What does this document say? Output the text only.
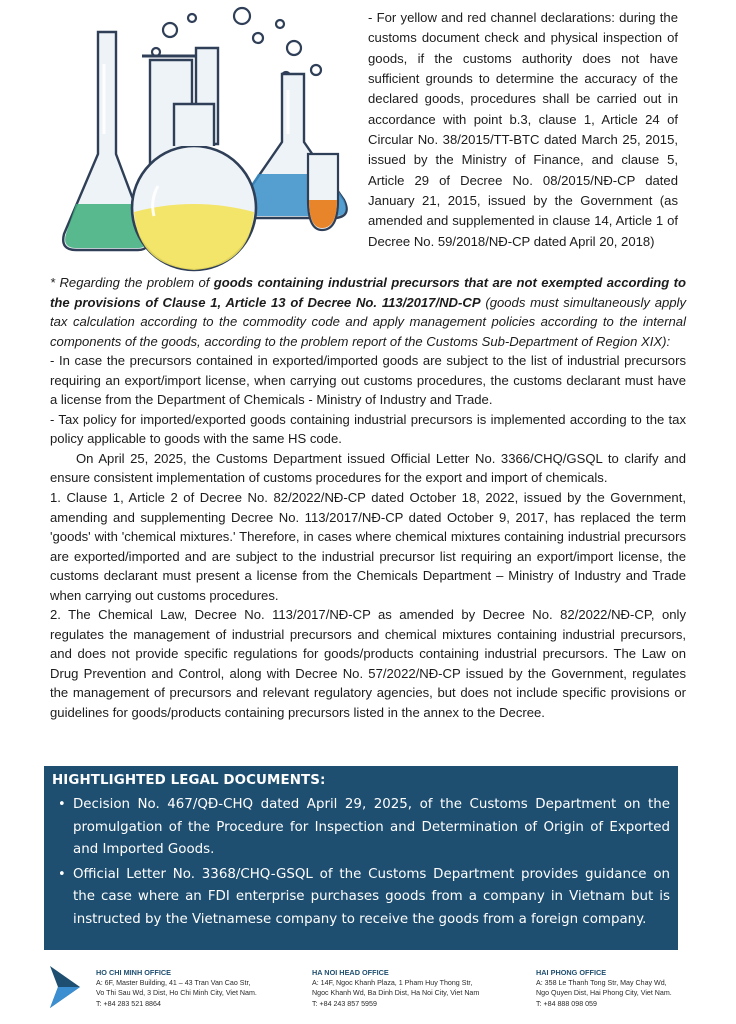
- For yellow and red channel declarations: during the customs document check and physical inspection of goods, if the customs authority does not have sufficient grounds to determine the accuracy of the declared goods, procedures shall be carried out in accordance with point b.3, clause 1, Article 24 of Circular No. 38/2015/TT-BTC dated March 25, 2015, issued by the Ministry of Finance, and clause 5, Article 29 of Decree No. 08/2015/NĐ-CP dated January 21, 2015, issued by the Government (as amended and supplemented in clause 14, Article 1 of Decree No. 59/2018/NĐ-CP dated April 20, 2018)

* Regarding the problem of goods containing industrial precursors that are not exempted according to the provisions of Clause 1, Article 13 of Decree No. 113/2017/ND-CP (goods must simultaneously apply tax calculation according to the commodity code and apply management policies according to the internal components of the goods, according to the problem report of the Customs Sub-Department of Region XIX):

- In case the precursors contained in exported/imported goods are subject to the list of industrial precursors requiring an export/import license, when carrying out customs procedures, the customs declarant must have a license from the Department of Chemicals - Ministry of Industry and Trade.

- Tax policy for imported/exported goods containing industrial precursors is implemented according to the tax policy applicable to goods with the same HS code.

On April 25, 2025, the Customs Department issued Official Letter No. 3366/CHQ/GSQL to clarify and ensure consistent implementation of customs procedures for the export and import of chemicals.

1. Clause 1, Article 2 of Decree No. 82/2022/NĐ-CP dated October 18, 2022, issued by the Government, amending and supplementing Decree No. 113/2017/NĐ-CP dated October 9, 2017, has replaced the term 'goods' with 'chemical mixtures.' Therefore, in cases where chemical mixtures containing industrial precursors are exported/imported and are subject to the industrial precursor list requiring an export/import license, the customs declarant must present a license from the Chemicals Department – Ministry of Industry and Trade when carrying out customs procedures.

2. The Chemical Law, Decree No. 113/2017/NĐ-CP as amended by Decree No. 82/2022/NĐ-CP, only regulates the management of industrial precursors and chemical mixtures containing industrial precursors, and does not provide specific regulations for goods/products containing industrial precursors. The Law on Drug Prevention and Control, along with Decree No. 57/2022/NĐ-CP issued by the Government, regulates the management of precursors and relevant regulatory agencies, but does not include specific provisions or guidelines for goods/products containing precursors listed in the annex to the Decree.

HIGHTLIGHTED LEGAL DOCUMENTS:
• Decision No. 467/QĐ-CHQ dated April 29, 2025, of the Customs Department on the promulgation of the Procedure for Inspection and Determination of Origin of Exported and Imported Goods.
• Official Letter No. 3368/CHQ-GSQL of the Customs Department provides guidance on the case where an FDI enterprise purchases goods from a company in Vietnam but is instructed by the Vietnamese company to receive the goods from a foreign company.
HO CHI MINH OFFICE
A: 6F, Master Building, 41 – 43 Tran Van Cao Str,
Vo Thi Sau Wd, 3 Dist, Ho Chi Minh City, Viet Nam.
T: +84 283 521 8864
HA NOI HEAD OFFICE
A: 14F, Ngoc Khanh Plaza, 1 Pham Huy Thong Str,
Ngoc Khanh Wd, Ba Dinh Dist, Ha Noi City, Viet Nam
T: +84 243 857 5959
HAI PHONG OFFICE
A: 358 Le Thanh Tong Str, May Chay Wd,
Ngo Quyen Dist, Hai Phong City, Viet Nam.
T: +84 888 098 059
